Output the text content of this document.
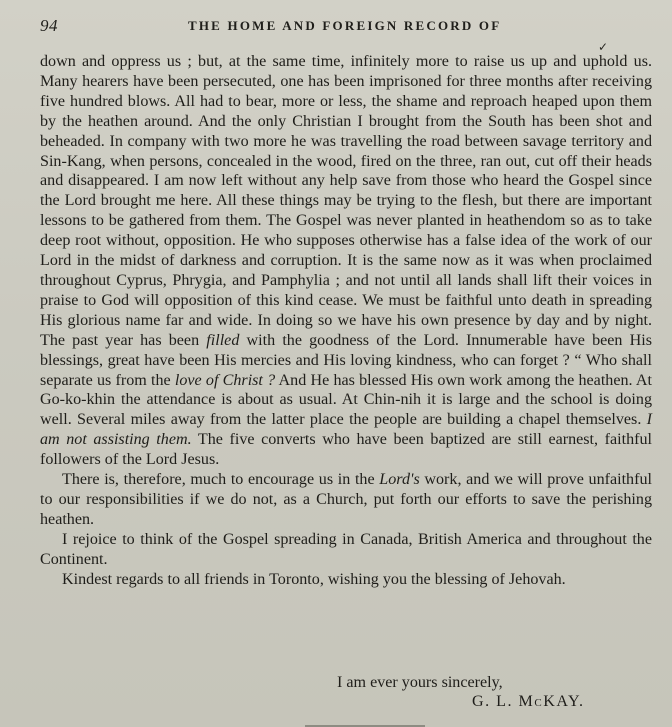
94	THE HOME AND FOREIGN RECORD OF
✓

down and oppress us ; but, at the same time, infinitely more to raise us up and uphold us. Many hearers have been persecuted, one has been imprisoned for three months after receiving five hundred blows. All had to bear, more or less, the shame and reproach heaped upon them by the heathen around. And the only Christian I brought from the South has been shot and beheaded. In company with two more he was travelling the road between savage territory and Sin-Kang, when persons, concealed in the wood, fired on the three, ran out, cut off their heads and disappeared. I am now left without any help save from those who heard the Gospel since the Lord brought me here. All these things may be trying to the flesh, but there are important lessons to be gathered from them. The Gospel was never planted in heathendom so as to take deep root without, opposition. He who supposes otherwise has a false idea of the work of our Lord in the midst of darkness and corruption. It is the same now as it was when proclaimed throughout Cyprus, Phrygia, and Pamphylia ; and not until all lands shall lift their voices in praise to God will opposition of this kind cease. We must be faithful unto death in spreading His glorious name far and wide. In doing so we have his own presence by day and by night. The past year has been filled with the goodness of the Lord. Innumerable have been His blessings, great have been His mercies and His loving kindness, who can forget ? “ Who shall separate us from the love of Christ ? And He has blessed His own work among the heathen. At Go-ko-khin the attendance is about as usual. At Chin-nih it is large and the school is doing well. Several miles away from the latter place the people are building a chapel themselves. I am not assisting them. The five converts who have been baptized are still earnest, faithful followers of the Lord Jesus.

There is, therefore, much to encourage us in the Lord's work, and we will prove unfaithful to our responsibilities if we do not, as a Church, put forth our efforts to save the perishing heathen.

I rejoice to think of the Gospel spreading in Canada, British America and throughout the Continent.

Kindest regards to all friends in Toronto, wishing you the blessing of Jehovah.

I am ever yours sincerely,
G. L. McKAY.
